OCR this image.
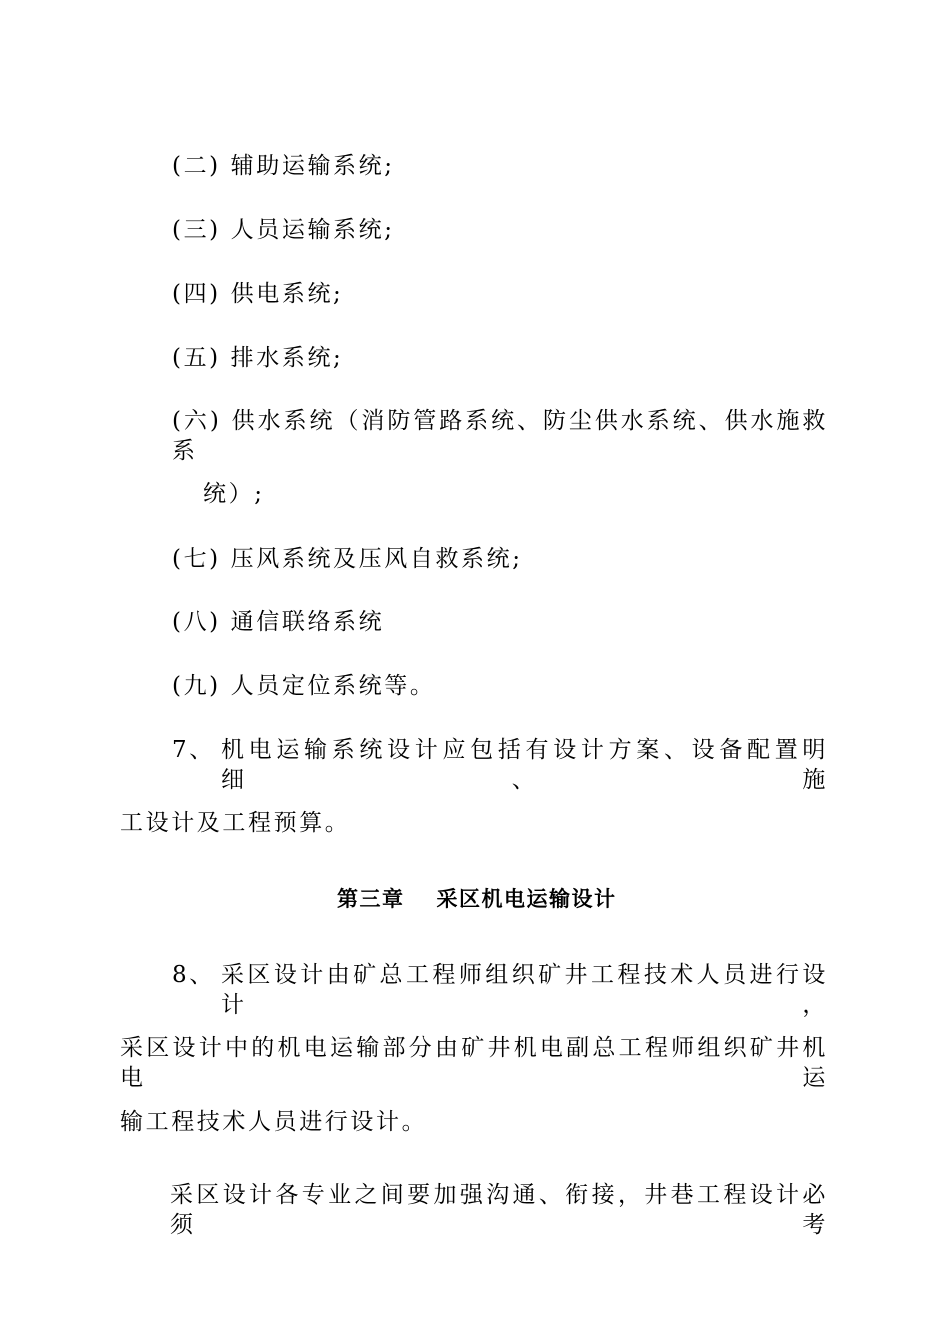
(二) 辅助运输系统;
(三) 人员运输系统;
(四) 供电系统;
(五) 排水系统;
(六) 供水系统（消防管路系统、防尘供水系统、供水施救系
统）;
(七) 压风系统及压风自救系统;
(八) 通信联络系统
(九) 人员定位系统等。
7、 机电运输系统设计应包括有设计方案、设备配置明细、施
工设计及工程预算。
第三章 采区机电运输设计
8、 采区设计由矿总工程师组织矿井工程技术人员进行设计，
采区设计中的机电运输部分由矿井机电副总工程师组织矿井机电运
输工程技术人员进行设计。
采区设计各专业之间要加强沟通、衔接，井巷工程设计必须考
